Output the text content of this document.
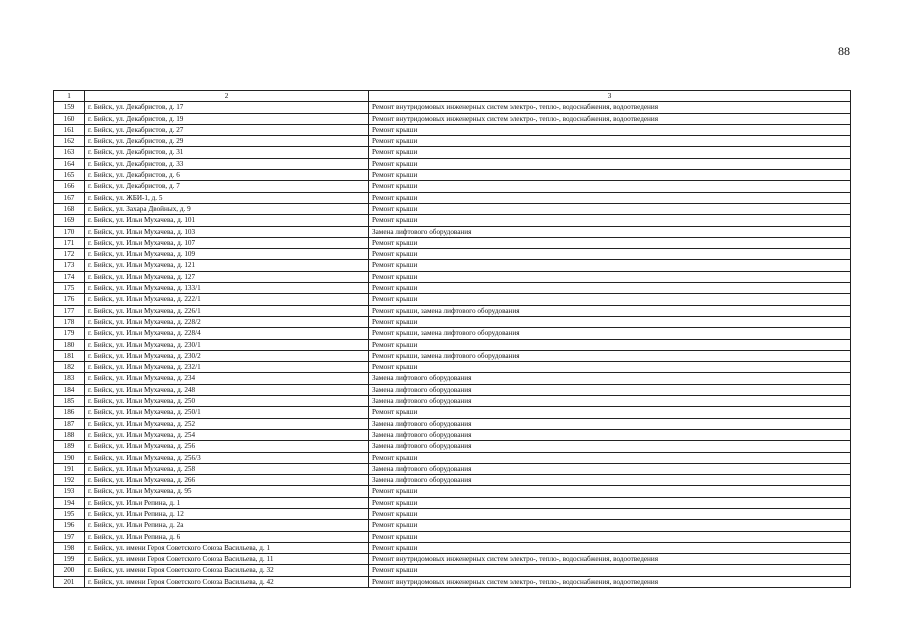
88
1	2	3
159	г. Бийск, ул. Декабристов, д. 17	Ремонт внутридомовых инженерных систем электро-, тепло-, водоснабжения, водоотведения
160	г. Бийск, ул. Декабристов, д. 19	Ремонт внутридомовых инженерных систем электро-, тепло-, водоснабжения, водоотведения
161	г. Бийск, ул. Декабристов, д. 27	Ремонт крыши
162	г. Бийск, ул. Декабристов, д. 29	Ремонт крыши
163	г. Бийск, ул. Декабристов, д. 31	Ремонт крыши
164	г. Бийск, ул. Декабристов, д. 33	Ремонт крыши
165	г. Бийск, ул. Декабристов, д. 6	Ремонт крыши
166	г. Бийск, ул. Декабристов, д. 7	Ремонт крыши
167	г. Бийск, ул. ЖБИ-1, д. 5	Ремонт крыши
168	г. Бийск, ул. Захара Двойных, д. 9	Ремонт крыши
169	г. Бийск, ул. Ильи Мухачева, д. 101	Ремонт крыши
170	г. Бийск, ул. Ильи Мухачева, д. 103	Замена лифтового оборудования
171	г. Бийск, ул. Ильи Мухачева, д. 107	Ремонт крыши
172	г. Бийск, ул. Ильи Мухачева, д. 109	Ремонт крыши
173	г. Бийск, ул. Ильи Мухачева, д. 121	Ремонт крыши
174	г. Бийск, ул. Ильи Мухачева, д. 127	Ремонт крыши
175	г. Бийск, ул. Ильи Мухачева, д. 133/1	Ремонт крыши
176	г. Бийск, ул. Ильи Мухачева, д. 222/1	Ремонт крыши
177	г. Бийск, ул. Ильи Мухачева, д. 226/1	Ремонт крыши, замена лифтового оборудования
178	г. Бийск, ул. Ильи Мухачева, д. 228/2	Ремонт крыши
179	г. Бийск, ул. Ильи Мухачева, д. 228/4	Ремонт крыши, замена лифтового оборудования
180	г. Бийск, ул. Ильи Мухачева, д. 230/1	Ремонт крыши
181	г. Бийск, ул. Ильи Мухачева, д. 230/2	Ремонт крыши, замена лифтового оборудования
182	г. Бийск, ул. Ильи Мухачева, д. 232/1	Ремонт крыши
183	г. Бийск, ул. Ильи Мухачева, д. 234	Замена лифтового оборудования
184	г. Бийск, ул. Ильи Мухачева, д. 248	Замена лифтового оборудования
185	г. Бийск, ул. Ильи Мухачева, д. 250	Замена лифтового оборудования
186	г. Бийск, ул. Ильи Мухачева, д. 250/1	Ремонт крыши
187	г. Бийск, ул. Ильи Мухачева, д. 252	Замена лифтового оборудования
188	г. Бийск, ул. Ильи Мухачева, д. 254	Замена лифтового оборудования
189	г. Бийск, ул. Ильи Мухачева, д. 256	Замена лифтового оборудования
190	г. Бийск, ул. Ильи Мухачева, д. 256/3	Ремонт крыши
191	г. Бийск, ул. Ильи Мухачева, д. 258	Замена лифтового оборудования
192	г. Бийск, ул. Ильи Мухачева, д. 266	Замена лифтового оборудования
193	г. Бийск, ул. Ильи Мухачева, д. 95	Ремонт крыши
194	г. Бийск, ул. Ильи Репина, д. 1	Ремонт крыши
195	г. Бийск, ул. Ильи Репина, д. 12	Ремонт крыши
196	г. Бийск, ул. Ильи Репина, д. 2а	Ремонт крыши
197	г. Бийск, ул. Ильи Репина, д. 6	Ремонт крыши
198	г. Бийск, ул. имени Героя Советского Союза Васильева, д. 1	Ремонт крыши
199	г. Бийск, ул. имени Героя Советского Союза Васильева, д. 11	Ремонт внутридомовых инженерных систем электро-, тепло-, водоснабжения, водоотведения
200	г. Бийск, ул. имени Героя Советского Союза Васильева, д. 32	Ремонт крыши
201	г. Бийск, ул. имени Героя Советского Союза Васильева, д. 42	Ремонт внутридомовых инженерных систем электро-, тепло-, водоснабжения, водоотведения
